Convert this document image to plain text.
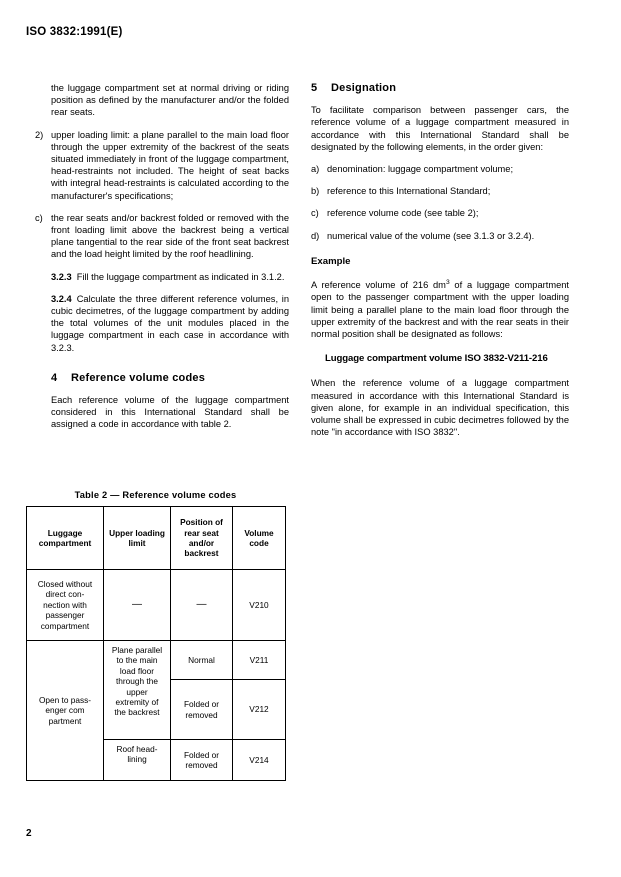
ISO 3832:1991(E)

the luggage compartment set at normal driving or riding position as defined by the manufacturer and/or the folded rear seats.

2) upper loading limit: a plane parallel to the main load floor through the upper extremity of the backrest of the seats situated immediately in front of the luggage compartment, head-restraints not included. The height of seat backs with integral head-restraints is calculated according to the manufacturer's specifications;
c) the rear seats and/or backrest folded or removed with the front loading limit above the backrest being a vertical plane tangential to the rear side of the front seat backrest and the load height limited by the roof headlining.

3.2.3 Fill the luggage compartment as indicated in 3.1.2.

3.2.4 Calculate the three different reference volumes, in cubic decimetres, of the luggage compartment by adding the total volumes of the unit modules placed in the luggage compartment in each case in accordance with 3.2.3.

4 Reference volume codes

Each reference volume of the luggage compartment considered in this International Standard shall be assigned a code in accordance with table 2.

5 Designation

To facilitate comparison between passenger cars, the reference volume of a luggage compartment measured in accordance with this International Standard shall be designated by the following elements, in the order given:

a) denomination: luggage compartment volume;
b) reference to this International Standard;
c) reference volume code (see table 2);
d) numerical value of the volume (see 3.1.3 or 3.2.4).
Example

A reference volume of 216 $dm^3$ of a luggage compartment open to the passenger compartment with the upper loading limit being a parallel plane to the main load floor through the upper extremity of the backrest and with the rear seats in their normal position shall be designated as follows:

Luggage compartment volume ISO 3832-V211-216

When the reference volume of a luggage compartment measured in accordance with this International Standard is given alone, for example in an individual specification, this volume shall be expressed in cubic decimetres followed by the note "in accordance with ISO 3832".

Table 2 — Reference volume codes
Luggage compartment	Upper loading limit	Position of rear seat and/or backrest	Volume code
Closed without direct con- nection with passenger compartment	—	—	V210
Open to pass- enger com partment	Plane parallel to the main load floor through the upper extremity of the backrest	Normal	V211
		Folded or removed	V212
	Roof head- lining	Folded or removed	V214
2
